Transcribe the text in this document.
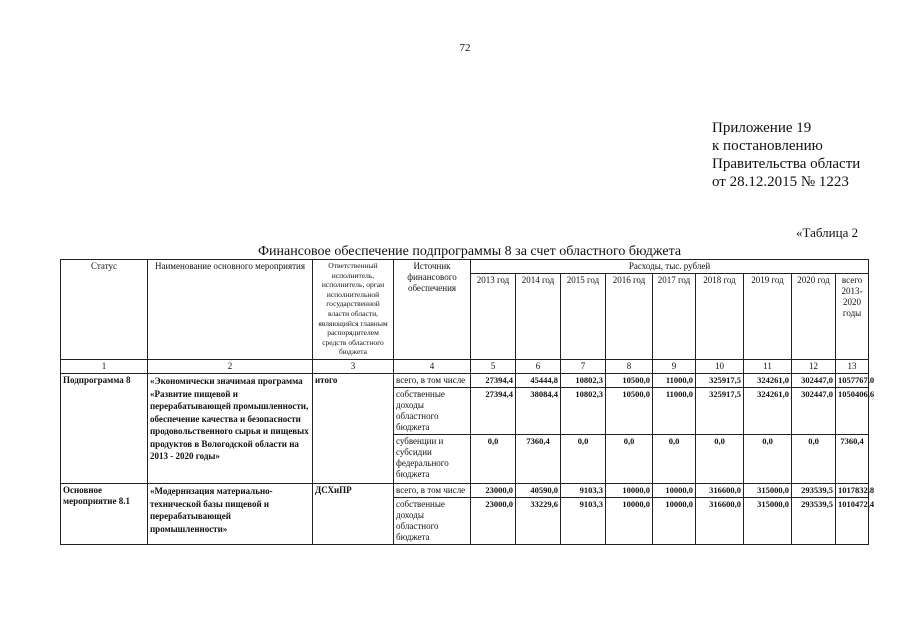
72
Приложение 19
к постановлению
Правительства области
от 28.12.2015 № 1223
«Таблица 2
Финансовое обеспечение подпрограммы 8 за счет областного бюджета
Статус	Наименование основного мероприятия	Ответственный исполнитель, исполнитель, орган исполнительной государственной власти области, являющийся главным распорядителем средств областного бюджета	Источник финансового обеспечения	Расходы, тыс. рублей								
				2013 год	2014 год	2015 год	2016 год	2017 год	2018 год	2019 год	2020 год	всего 2013-2020 годы
1	2	3	4	5	6	7	8	9	10	11	12	13
Подпрограмма 8	«Экономически значимая программа «Развитие пищевой и перерабатывающей промышленности, обеспечение качества и безопасности продовольственного сырья и пищевых продуктов в Вологодской области на 2013 - 2020 годы»	итого	всего, в том числе	27394,4	45444,8	10802,3	10500,0	11000,0	325917,5	324261,0	302447,0	1057767,0
			собственные доходы областного бюджета	27394,4	38084,4	10802,3	10500,0	11000,0	325917,5	324261,0	302447,0	1050406,6
			субвенции и субсидии федерального бюджета	0,0	7360,4	0,0	0,0	0,0	0,0	0,0	0,0	7360,4
Основное мероприятие 8.1	«Модернизация материально-технической базы пищевой и перерабатывающей промышленности»	ДСХиПР	всего, в том числе	23000,0	40590,0	9103,3	10000,0	10000,0	316600,0	315000,0	293539,5	1017832,8
			собственные доходы областного бюджета	23000,0	33229,6	9103,3	10000,0	10000,0	316600,0	315000,0	293539,5	1010472,4
